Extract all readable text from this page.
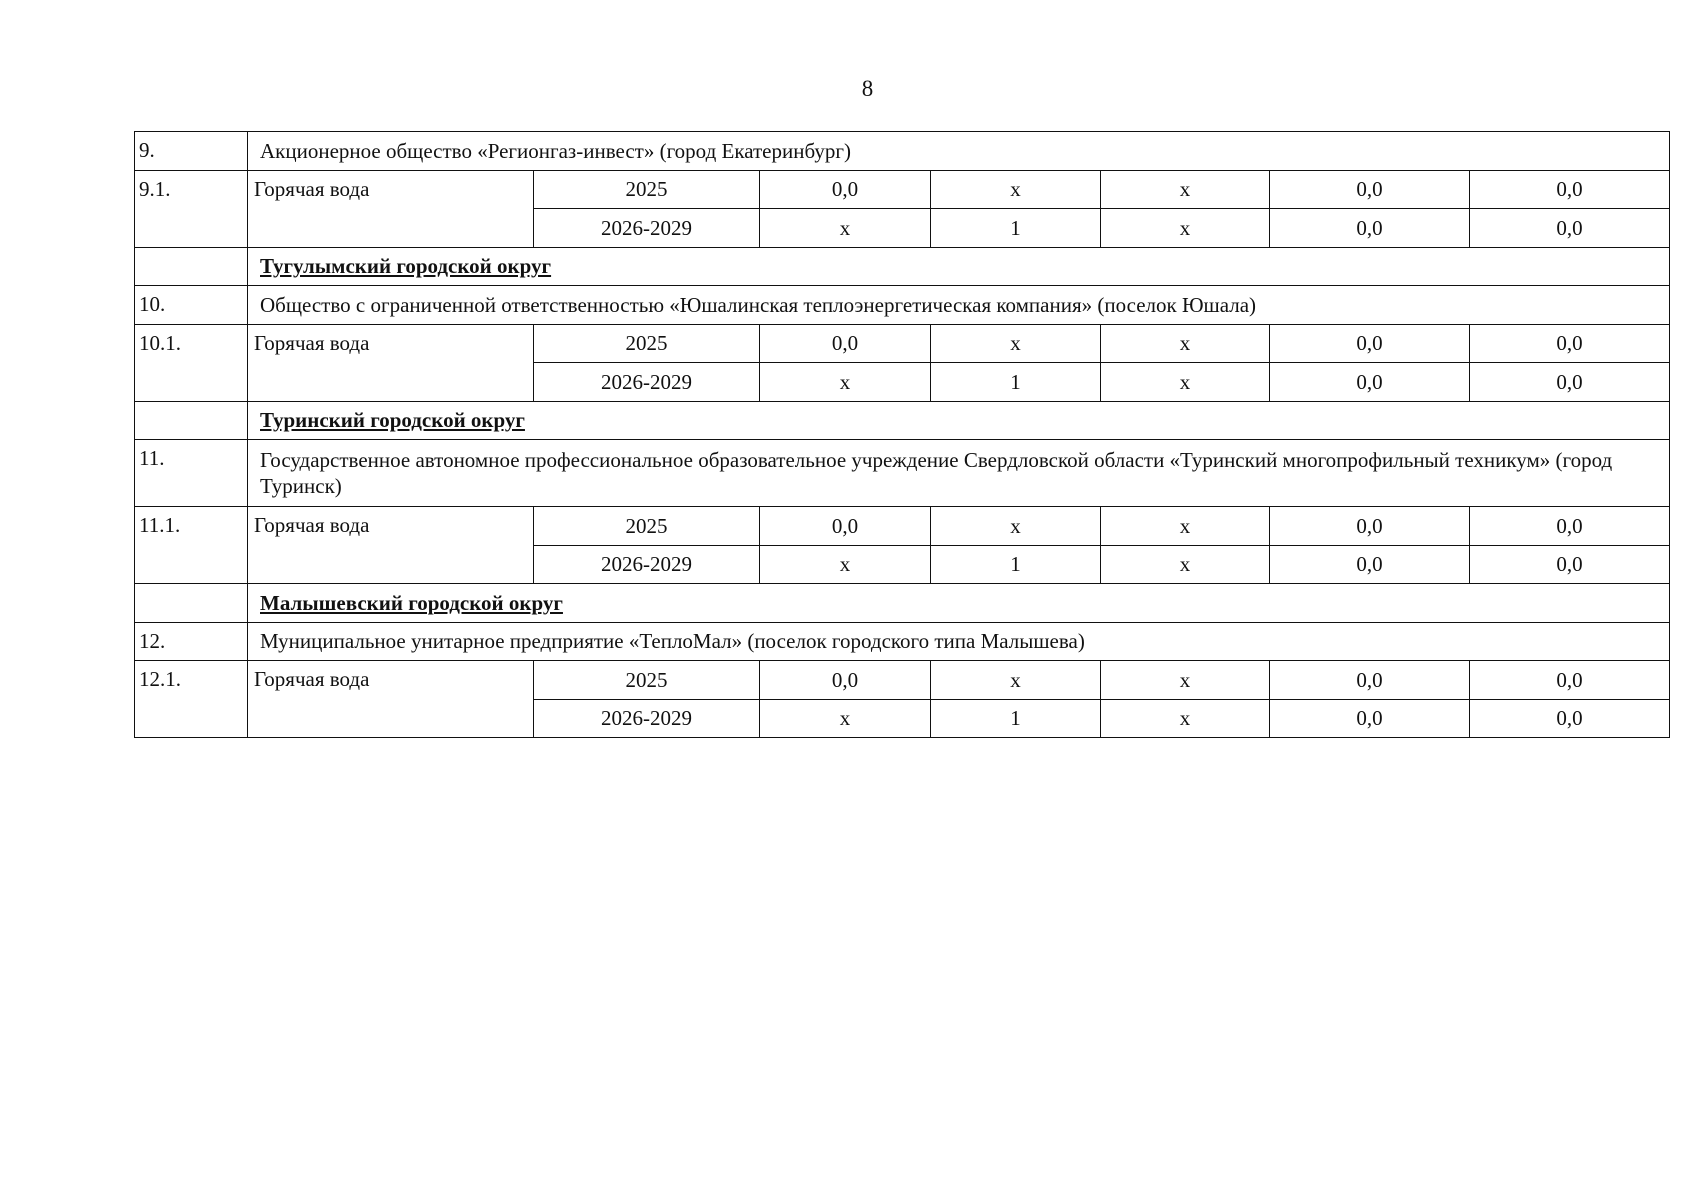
8
9.	Акционерное общество «Регионгаз-инвест» (город Екатеринбург)						
9.1.	Горячая вода	2025	0,0	x	x	0,0	0,0
		2026-2029	x	1	x	0,0	0,0
	Тугулымский городской округ						
10.	Общество с ограниченной ответственностью «Юшалинская теплоэнергетическая компания» (поселок Юшала)						
10.1.	Горячая вода	2025	0,0	x	x	0,0	0,0
		2026-2029	x	1	x	0,0	0,0
	Туринский городской округ						
11.	Государственное автономное профессиональное образовательное учреждение Свердловской области «Туринский многопрофильный техникум» (город Туринск)						
11.1.	Горячая вода	2025	0,0	x	x	0,0	0,0
		2026-2029	x	1	x	0,0	0,0
	Малышевский городской округ						
12.	Муниципальное унитарное предприятие «ТеплоМал» (поселок городского типа Малышева)						
12.1.	Горячая вода	2025	0,0	x	x	0,0	0,0
		2026-2029	x	1	x	0,0	0,0
